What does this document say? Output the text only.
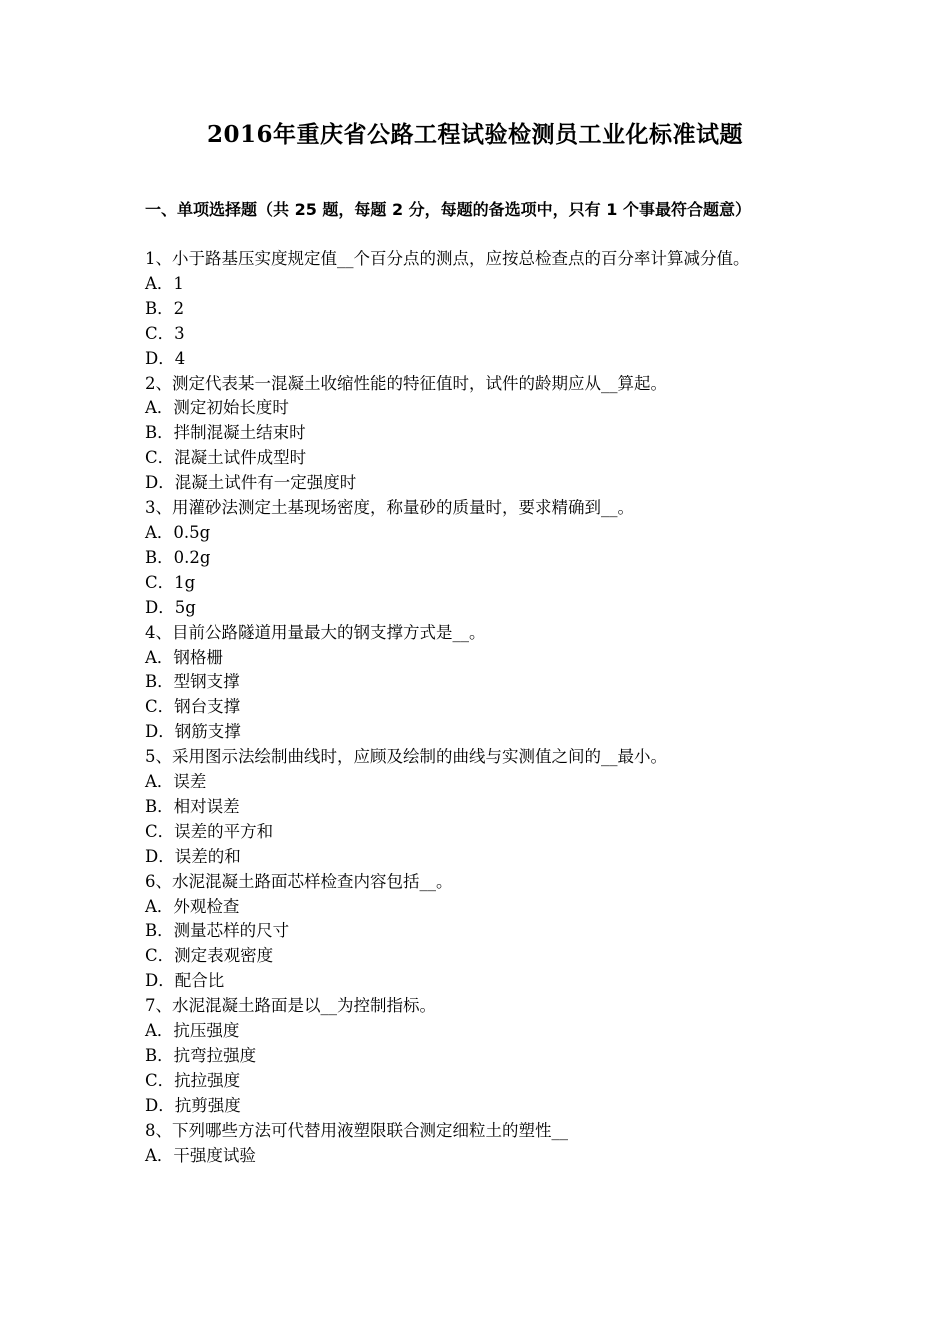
2016年重庆省公路工程试验检测员工业化标准试题
一、单项选择题（共 25 题，每题 2 分，每题的备选项中，只有 1 个事最符合题意）
1、小于路基压实度规定值__个百分点的测点，应按总检查点的百分率计算减分值。
A．1
B．2
C．3
D．4
2、测定代表某一混凝土收缩性能的特征值时，试件的龄期应从__算起。
A．测定初始长度时
B．拌制混凝土结束时
C．混凝土试件成型时
D．混凝土试件有一定强度时
3、用灌砂法测定土基现场密度，称量砂的质量时，要求精确到__。
A．0.5g
B．0.2g
C．1g
D．5g
4、目前公路隧道用量最大的钢支撑方式是__。
A．钢格栅
B．型钢支撑
C．钢台支撑
D．钢筋支撑
5、采用图示法绘制曲线时，应顾及绘制的曲线与实测值之间的__最小。
A．误差
B．相对误差
C．误差的平方和
D．误差的和
6、水泥混凝土路面芯样检查内容包括__。
A．外观检查
B．测量芯样的尺寸
C．测定表观密度
D．配合比
7、水泥混凝土路面是以__为控制指标。
A．抗压强度
B．抗弯拉强度
C．抗拉强度
D．抗剪强度
8、下列哪些方法可代替用液塑限联合测定细粒土的塑性__
A．干强度试验
